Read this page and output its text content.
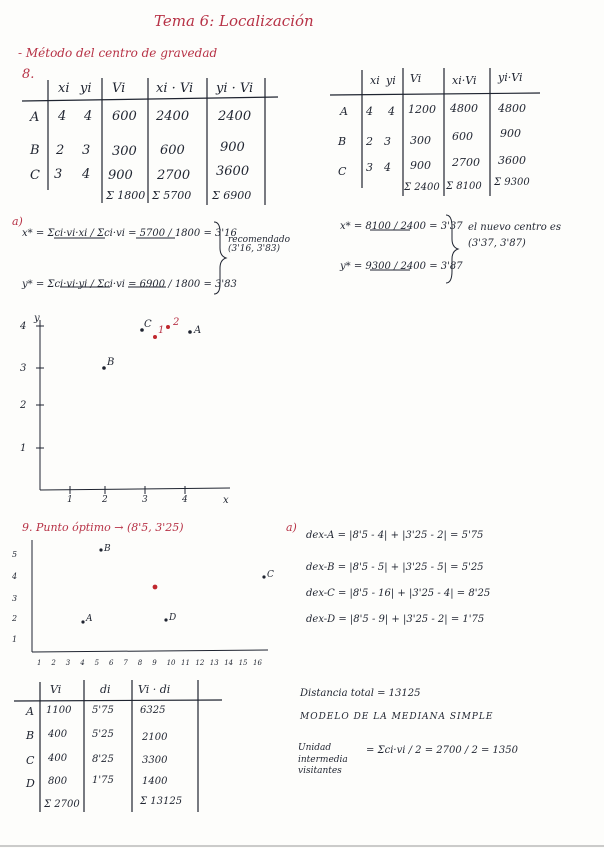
Tema 6: Localización
- Método del centro de gravedad
8.
xi yi Vi xi · Vi yi · Vi
A 4 4 600 2400 2400
B 2 3 300 600	900
C 3 4 900 2700 3600
Σ 1800 Σ 5700 Σ 6900
xi yi Vi	xi·Vi yi·Vi
A 4 4 1200 4800 4800
B 2 3 300 600 900
C 3 4 900 2700 3600
Σ 2400 Σ 8100 Σ 9300
a)
x* = Σci·vi·xi / Σci·vi = 5700 / 1800 = 3'16
y* = Σci·vi·yi / Σci·vi = 6900 / 1800 = 3'83
recomendado (3'16, 3'83)
x* = 8100 / 2400 = 3'37
y* = 9300 / 2400 = 3'87
el nuevo centro es (3'37, 3'87)
y
x
1
2
3
4
1	2	3	4
A
B
C
1
2
9. Punto óptimo → (8'5, 3'25)
5
4
3
2
1
1 2 3 4 5 6 7 8 9 10 11 12 13 14 15 16
A
B
C
D
a)
dex-A = |8'5 - 4| + |3'25 - 2| = 5'75
dex-B = |8'5 - 5| + |3'25 - 5| = 5'25
dex-C = |8'5 - 16| + |3'25 - 4| = 8'25
dex-D = |8'5 - 9| + |3'25 - 2| = 1'75
Vi	di Vi · di
A 1100 5'75	6325
B 400 5'25	2100
C 400 8'25	3300
D 800 1'75	1400
Σ 2700	Σ 13125
Distancia total = 13125
MODELO DE LA MEDIANA SIMPLE
Unidad intermedia visitantes
= Σci·vi / 2 = 2700 / 2 = 1350
